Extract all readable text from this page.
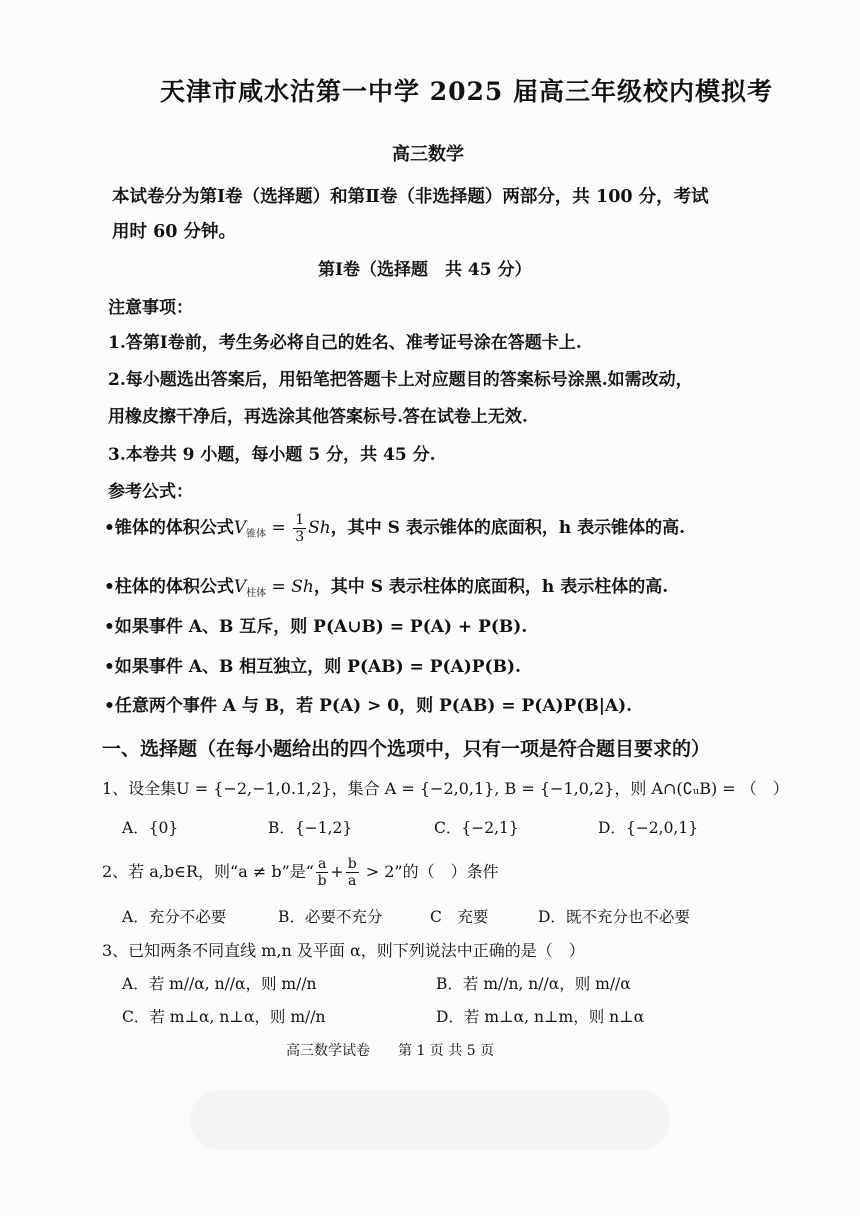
天津市咸水沽第一中学 2025 届高三年级校内模拟考
高三数学
本试卷分为第Ⅰ卷（选择题）和第Ⅱ卷（非选择题）两部分，共 100 分，考试
用时 60 分钟。
第Ⅰ卷（选择题　共 45 分）
注意事项：
1.答第Ⅰ卷前，考生务必将自己的姓名、准考证号涂在答题卡上.
2.每小题选出答案后，用铅笔把答题卡上对应题目的答案标号涂黑.如需改动，
用橡皮擦干净后，再选涂其他答案标号.答在试卷上无效.
3.本卷共 9 小题，每小题 5 分，共 45 分.
参考公式：
•锥体的体积公式$V_{锥体} = \frac{1}{3}$ Sh，其中 S 表示锥体的底面积，h 表示锥体的高.
•柱体的体积公式$V_{柱体} = Sh$，其中 S 表示柱体的底面积，h 表示柱体的高.
•如果事件 A、B 互斥，则 P(A∪B) = P(A) + P(B).
•如果事件 A、B 相互独立，则 P(AB) = P(A)P(B).
•任意两个事件 A 与 B，若 P(A) > 0，则 P(AB) = P(A)P(B|A).
一、选择题（在每小题给出的四个选项中，只有一项是符合题目要求的）
1、设全集U = {−2,−1,0.1,2}，集合 A = {−2,0,1}, B = {−1,0,2}，则 A∩(∁ᵤB) = （　）
A．{0}	B．{−1,2}	C．{−2,1}	D．{−2,0,1}
2、若 a,b∈R，则“a ≠ b”是“ $\frac{a}{b} + \frac{b}{a} > 2$”的（　）条件
A．充分不必要	B．必要不充分	C　充要	D．既不充分也不必要
3、已知两条不同直线 m,n 及平面 α，则下列说法中正确的是（　）
A．若 m//α, n//α，则 m//n	B．若 m//n, n//α，则 m//α
C．若 m⊥α, n⊥α，则 m//n	D．若 m⊥α, n⊥m，则 n⊥α
高三数学试卷　　第 1 页 共 5 页
